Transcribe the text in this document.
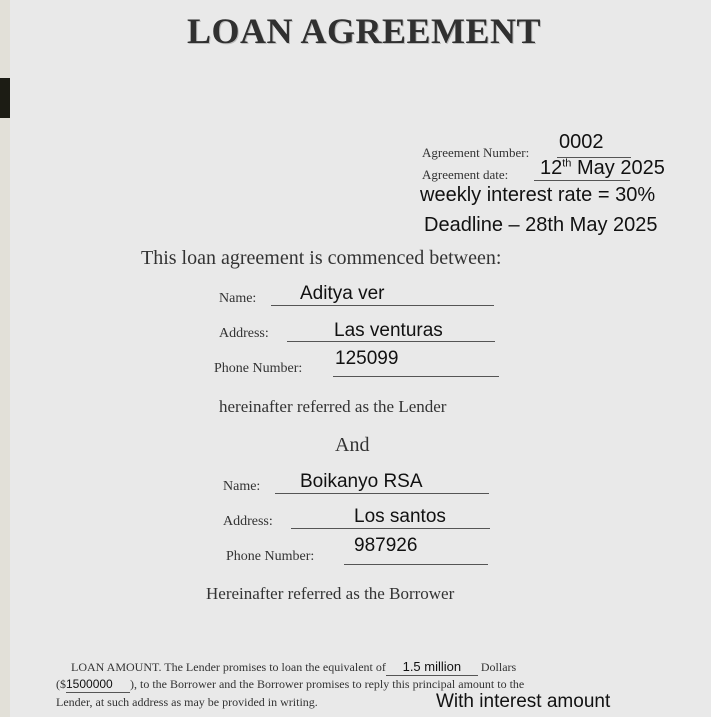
LOAN AGREEMENT
Agreement Number: 0002
Agreement date: 12th May 2025
weekly interest rate = 30%
Deadline – 28th May 2025
This loan agreement is commenced between:
Name: Aditya ver
Address:	Las venturas
Phone Number: 125099
hereinafter referred as the Lender
And
Name: Boikanyo RSA
Address:	Los santos
Phone Number:
987926
Hereinafter referred as the Borrower
LOAN AMOUNT. The Lender promises to loan the equivalent of 1.5 million Dollars
($1500000 ), to the Borrower and the Borrower promises to reply this principal amount to the
Lender, at such address as may be provided in writing.	With interest amount
